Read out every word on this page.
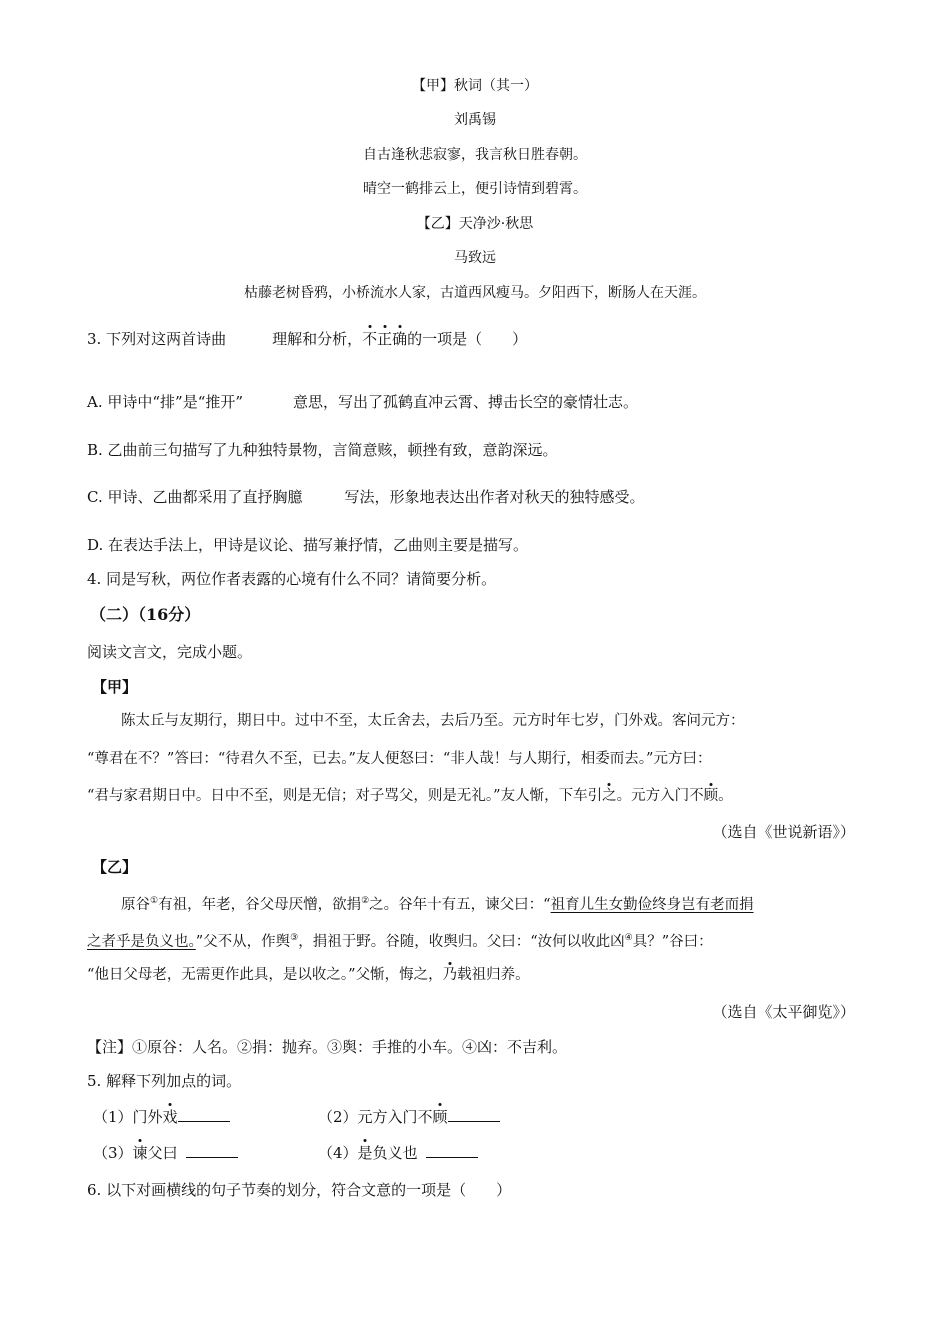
【甲】秋词（其一）
刘禹锡
自古逢秋悲寂寥，我言秋日胜春朝。
晴空一鹤排云上，便引诗情到碧霄。
【乙】天净沙·秋思
马致远
枯藤老树昏鸦，小桥流水人家，古道西风瘦马。夕阳西下，断肠人在天涯。
3. 下列对这两首诗曲	理解和分析，不正确的一项是（　　）
A. 甲诗中“排”是“推开”	意思，写出了孤鹤直冲云霄、搏击长空的豪情壮志。
B. 乙曲前三句描写了九种独特景物，言简意赅，顿挫有致，意韵深远。
C. 甲诗、乙曲都采用了直抒胸臆	写法，形象地表达出作者对秋天的独特感受。
D. 在表达手法上，甲诗是议论、描写兼抒情，乙曲则主要是描写。
4. 同是写秋，两位作者表露的心境有什么不同？请简要分析。
（二）（16分）
阅读文言文，完成小题。
【甲】
陈太丘与友期行，期日中。过中不至，太丘舍去，去后乃至。元方时年七岁，门外戏。客问元方：
“尊君在不？”答曰：“待君久不至，已去。”友人便怒曰：“非人哉！与人期行，相委而去。”元方曰：
“君与家君期日中。日中不至，则是无信；对子骂父，则是无礼。”友人惭，下车引之。元方入门不顾。
（选自《世说新语》）
【乙】
原谷①有祖，年老，谷父母厌憎，欲捐②之。谷年十有五，谏父曰：“祖育儿生女勤俭终身岂有老而捐
之者乎是负义也。”父不从，作舆③，捐祖于野。谷随，收舆归。父曰：“汝何以收此凶④具？”谷曰：
“他日父母老，无需更作此具，是以收之。”父惭，悔之，乃载祖归养。
（选自《太平御览》）
【注】①原谷：人名。②捐：抛弃。③舆：手推的小车。④凶：不吉利。
5. 解释下列加点的词。
（1）门外戏	（2）元方入门不顾
（3）谏父曰	（4）是负义也
6. 以下对画横线的句子节奏的划分，符合文意的一项是（　　）
